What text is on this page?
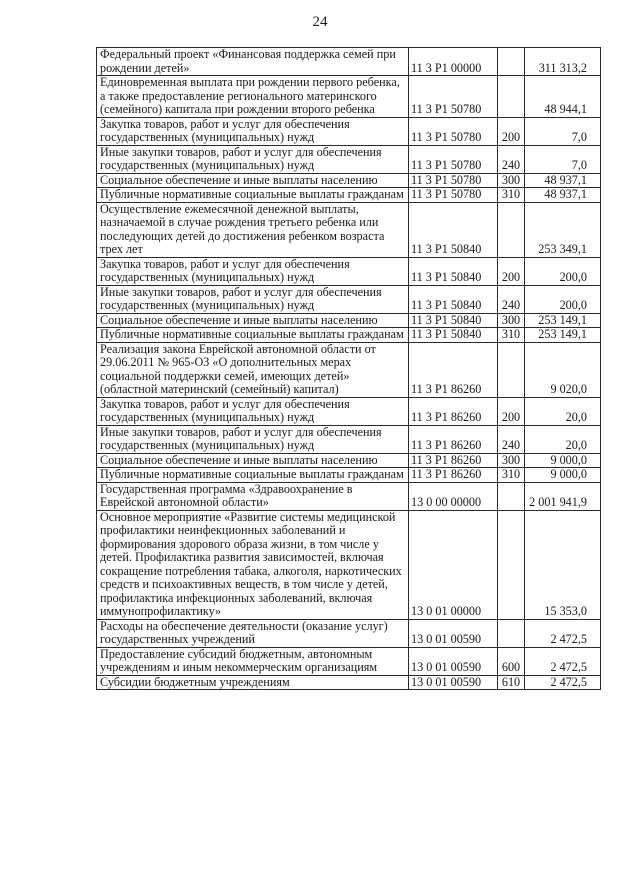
24
Федеральный проект «Финансовая поддержка семей при рождении детей»	11 3 Р1 00000		311 313,2
Единовременная выплата при рождении первого ребенка, а также предоставление регионального материнского (семейного) капитала при рождении второго ребенка	11 3 Р1 50780		48 944,1
Закупка товаров, работ и услуг для обеспечения государственных (муниципальных) нужд	11 3 Р1 50780	200	7,0
Иные закупки товаров, работ и услуг для обеспечения государственных (муниципальных) нужд	11 3 Р1 50780	240	7,0
Социальное обеспечение и иные выплаты населению	11 3 Р1 50780	300	48 937,1
Публичные нормативные социальные выплаты гражданам	11 3 Р1 50780	310	48 937,1
Осуществление ежемесячной денежной выплаты, назначаемой в случае рождения третьего ребенка или последующих детей до достижения ребенком возраста трех лет	11 3 Р1 50840		253 349,1
Закупка товаров, работ и услуг для обеспечения государственных (муниципальных) нужд	11 3 Р1 50840	200	200,0
Иные закупки товаров, работ и услуг для обеспечения государственных (муниципальных) нужд	11 3 Р1 50840	240	200,0
Социальное обеспечение и иные выплаты населению	11 3 Р1 50840	300	253 149,1
Публичные нормативные социальные выплаты гражданам	11 3 Р1 50840	310	253 149,1
Реализация закона Еврейской автономной области от 29.06.2011 № 965-ОЗ «О дополнительных мерах социальной поддержки семей, имеющих детей» (областной материнский (семейный) капитал)	11 3 Р1 86260		9 020,0
Закупка товаров, работ и услуг для обеспечения государственных (муниципальных) нужд	11 3 Р1 86260	200	20,0
Иные закупки товаров, работ и услуг для обеспечения государственных (муниципальных) нужд	11 3 Р1 86260	240	20,0
Социальное обеспечение и иные выплаты населению	11 3 Р1 86260	300	9 000,0
Публичные нормативные социальные выплаты гражданам	11 3 Р1 86260	310	9 000,0
Государственная программа «Здравоохранение в Еврейской автономной области»	13 0 00 00000		2 001 941,9
Основное мероприятие «Развитие системы медицинской профилактики неинфекционных заболеваний и формирования здорового образа жизни, в том числе у детей. Профилактика развития зависимостей, включая сокращение потребления табака, алкоголя, наркотических средств и психоактивных веществ, в том числе у детей, профилактика инфекционных заболеваний, включая иммунопрофилактику»	13 0 01 00000		15 353,0
Расходы на обеспечение деятельности (оказание услуг) государственных учреждений	13 0 01 00590		2 472,5
Предоставление субсидий бюджетным, автономным учреждениям и иным некоммерческим организациям	13 0 01 00590	600	2 472,5
Субсидии бюджетным учреждениям	13 0 01 00590	610	2 472,5
